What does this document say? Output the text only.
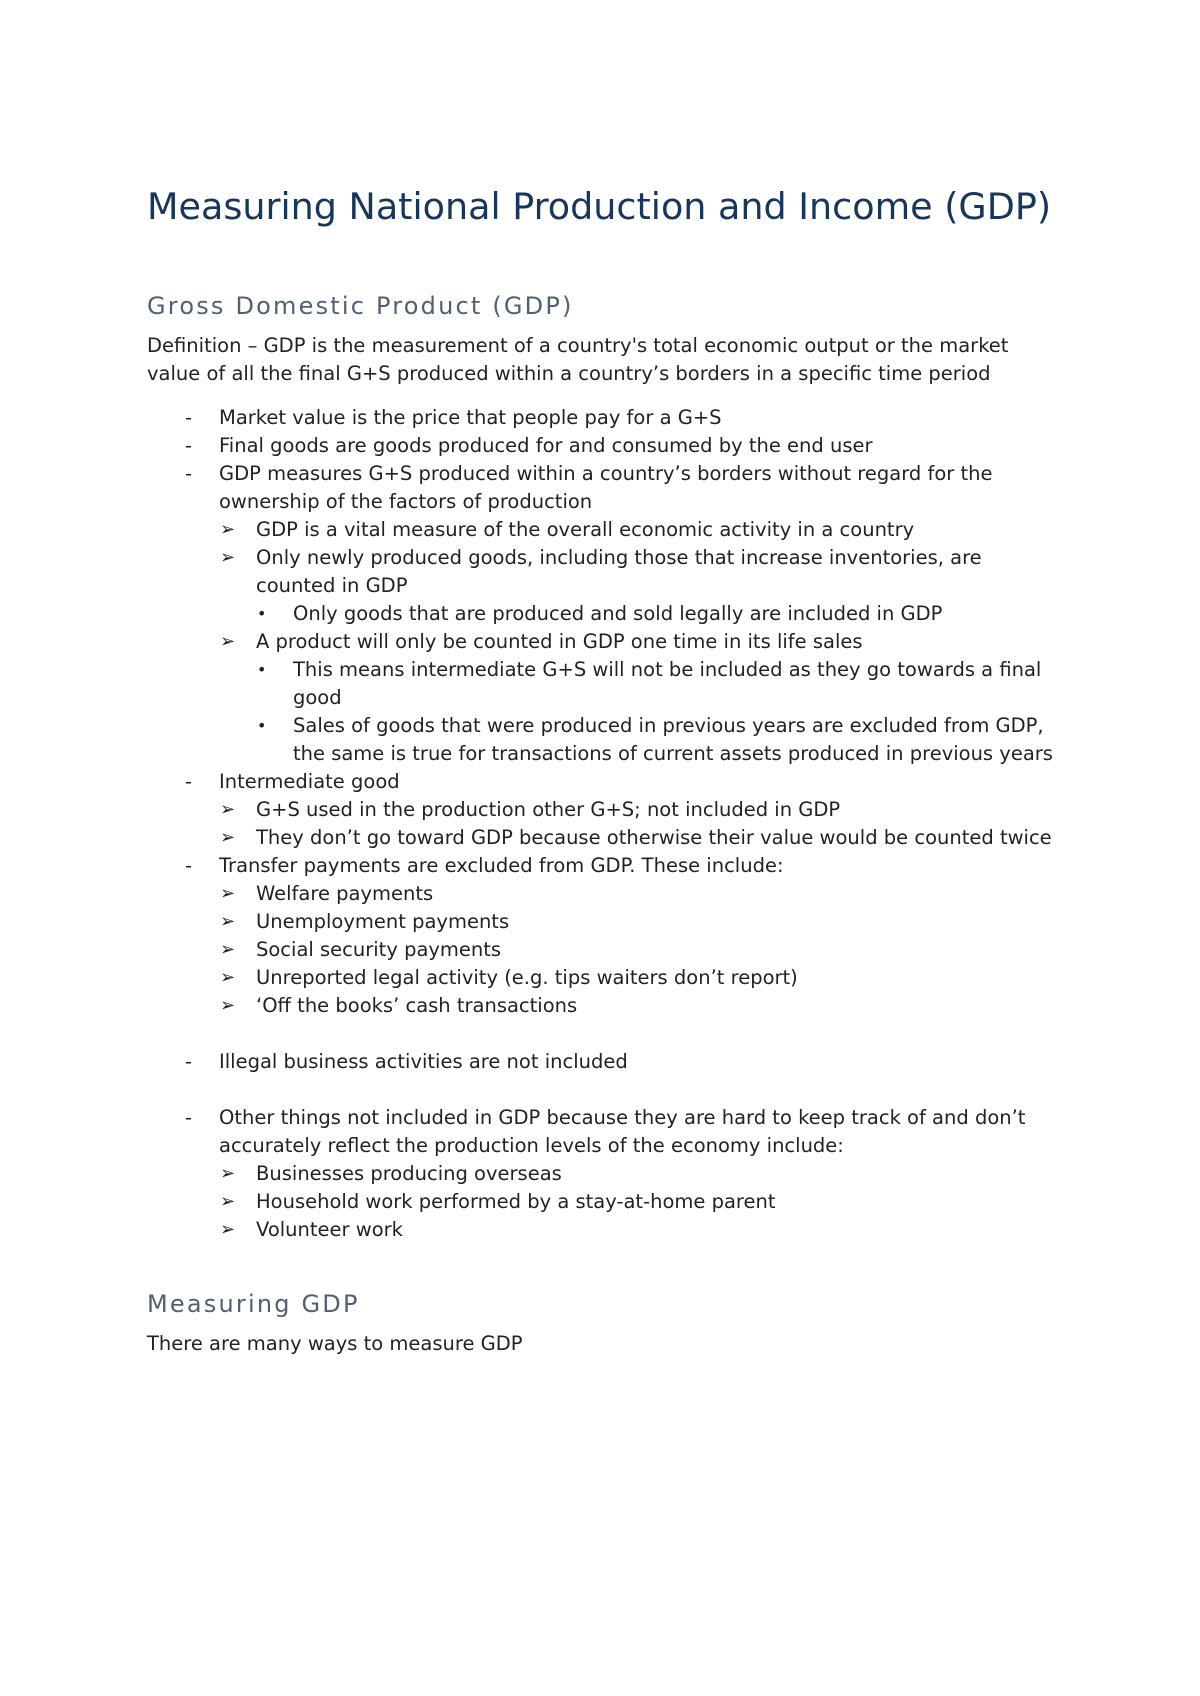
Measuring National Production and Income (GDP)
Gross Domestic Product (GDP)

Definition – GDP is the measurement of a country's total economic output or the market value of all the final G+S produced within a country’s borders in a specific time period

- Market value is the price that people pay for a G+S
- Final goods are goods produced for and consumed by the end user
- GDP measures G+S produced within a country’s borders without regard for the ownership of the factors of production
➢ GDP is a vital measure of the overall economic activity in a country
➢ Only newly produced goods, including those that increase inventories, are counted in GDP
• Only goods that are produced and sold legally are included in GDP
➢ A product will only be counted in GDP one time in its life sales
• This means intermediate G+S will not be included as they go towards a final good
• Sales of goods that were produced in previous years are excluded from GDP, the same is true for transactions of current assets produced in previous years
- Intermediate good
➢ G+S used in the production other G+S; not included in GDP
➢ They don’t go toward GDP because otherwise their value would be counted twice
- Transfer payments are excluded from GDP. These include:
➢ Welfare payments
➢ Unemployment payments
➢ Social security payments
➢ Unreported legal activity (e.g. tips waiters don’t report)
➢ ‘Off the books’ cash transactions
- Illegal business activities are not included
- Other things not included in GDP because they are hard to keep track of and don’t accurately reflect the production levels of the economy include:
➢ Businesses producing overseas
➢ Household work performed by a stay-at-home parent
➢ Volunteer work
Measuring GDP

There are many ways to measure GDP
